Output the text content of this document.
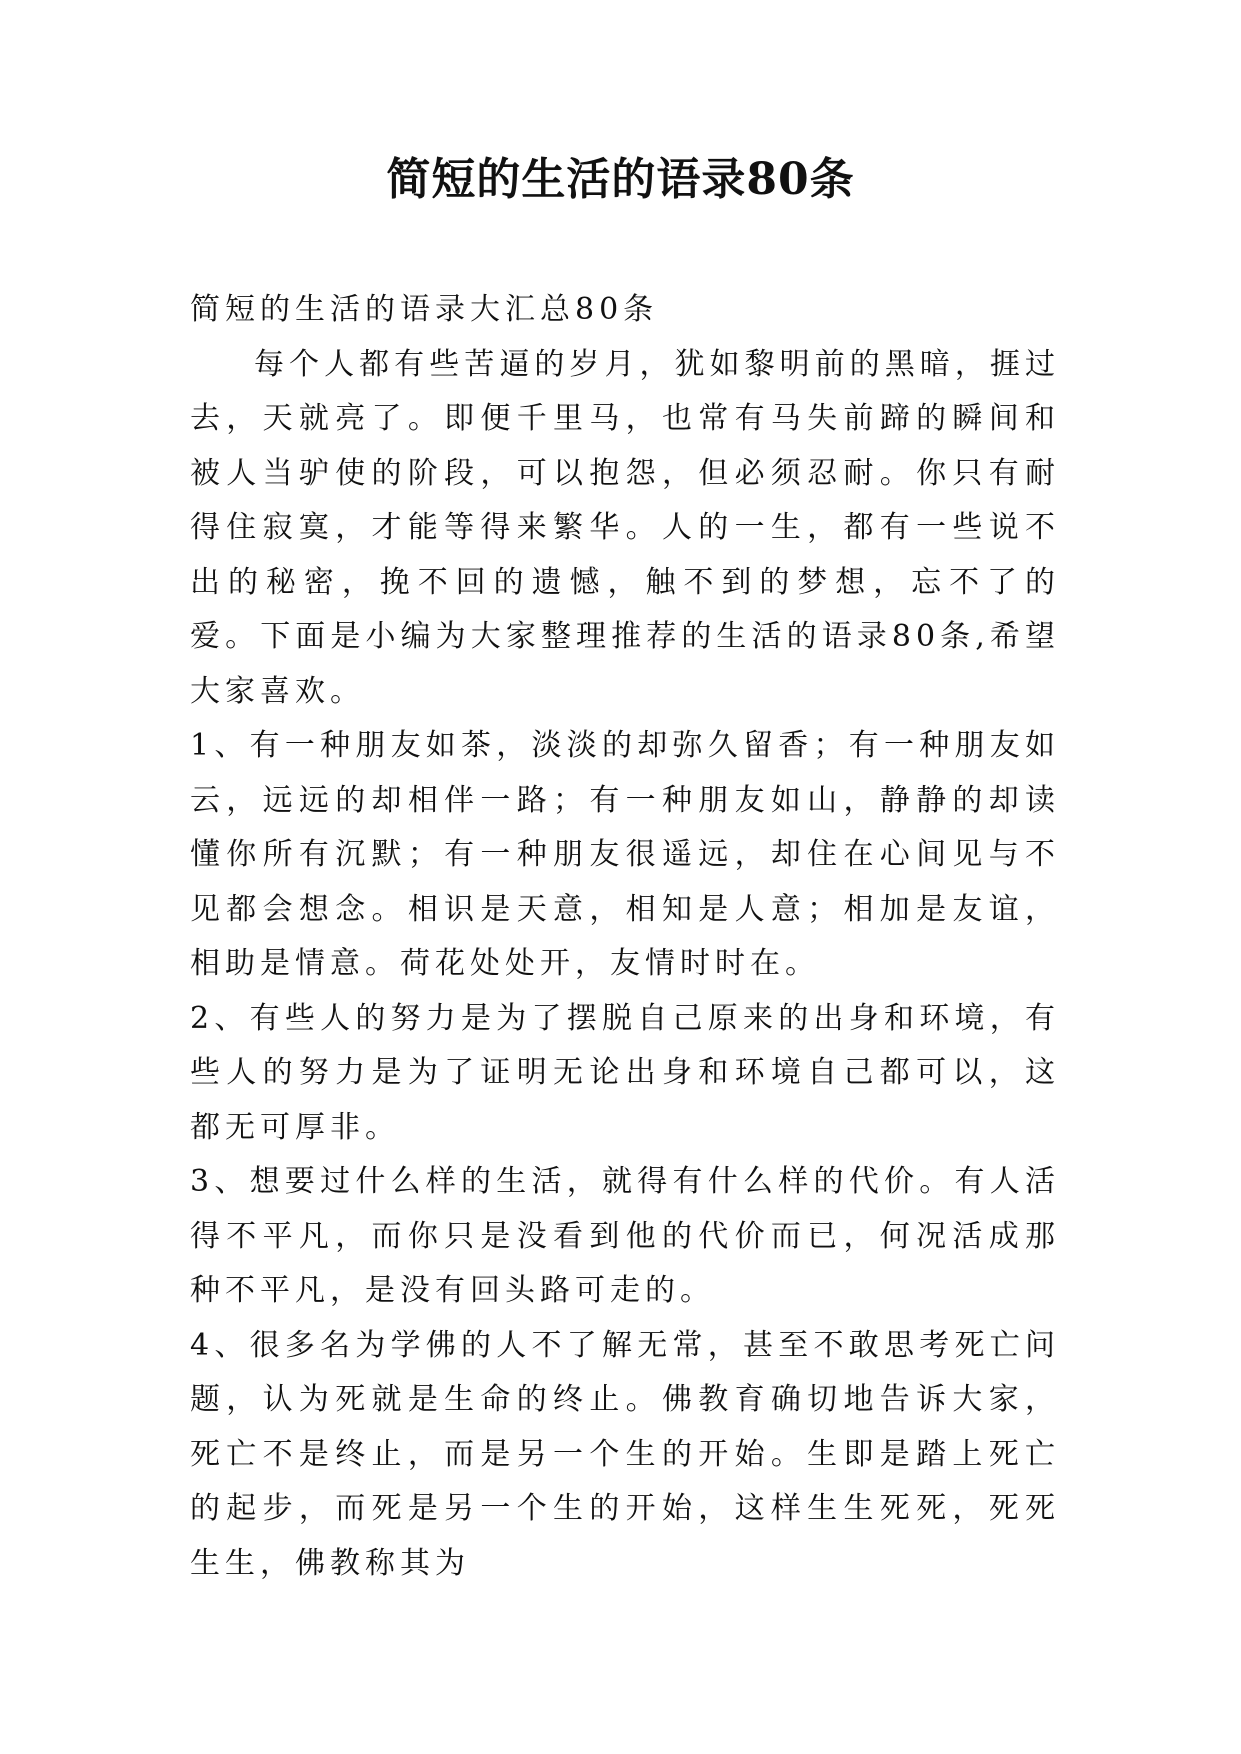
简短的生活的语录80条

简短的生活的语录大汇总80条

每个人都有些苦逼的岁月，犹如黎明前的黑暗，捱过去，天就亮了。即便千里马，也常有马失前蹄的瞬间和被人当驴使的阶段，可以抱怨，但必须忍耐。你只有耐得住寂寞，才能等得来繁华。人的一生，都有一些说不出的秘密，挽不回的遗憾，触不到的梦想，忘不了的爱。下面是小编为大家整理推荐的生活的语录80条,希望大家喜欢。

1、有一种朋友如茶，淡淡的却弥久留香；有一种朋友如云，远远的却相伴一路；有一种朋友如山，静静的却读懂你所有沉默；有一种朋友很遥远，却住在心间见与不见都会想念。相识是天意，相知是人意；相加是友谊，相助是情意。荷花处处开，友情时时在。

2、有些人的努力是为了摆脱自己原来的出身和环境，有些人的努力是为了证明无论出身和环境自己都可以，这都无可厚非。

3、想要过什么样的生活，就得有什么样的代价。有人活得不平凡，而你只是没看到他的代价而已，何况活成那种不平凡，是没有回头路可走的。

4、很多名为学佛的人不了解无常，甚至不敢思考死亡问题，认为死就是生命的终止。佛教育确切地告诉大家，死亡不是终止，而是另一个生的开始。生即是踏上死亡的起步，而死是另一个生的开始，这样生生死死，死死生生，佛教称其为
